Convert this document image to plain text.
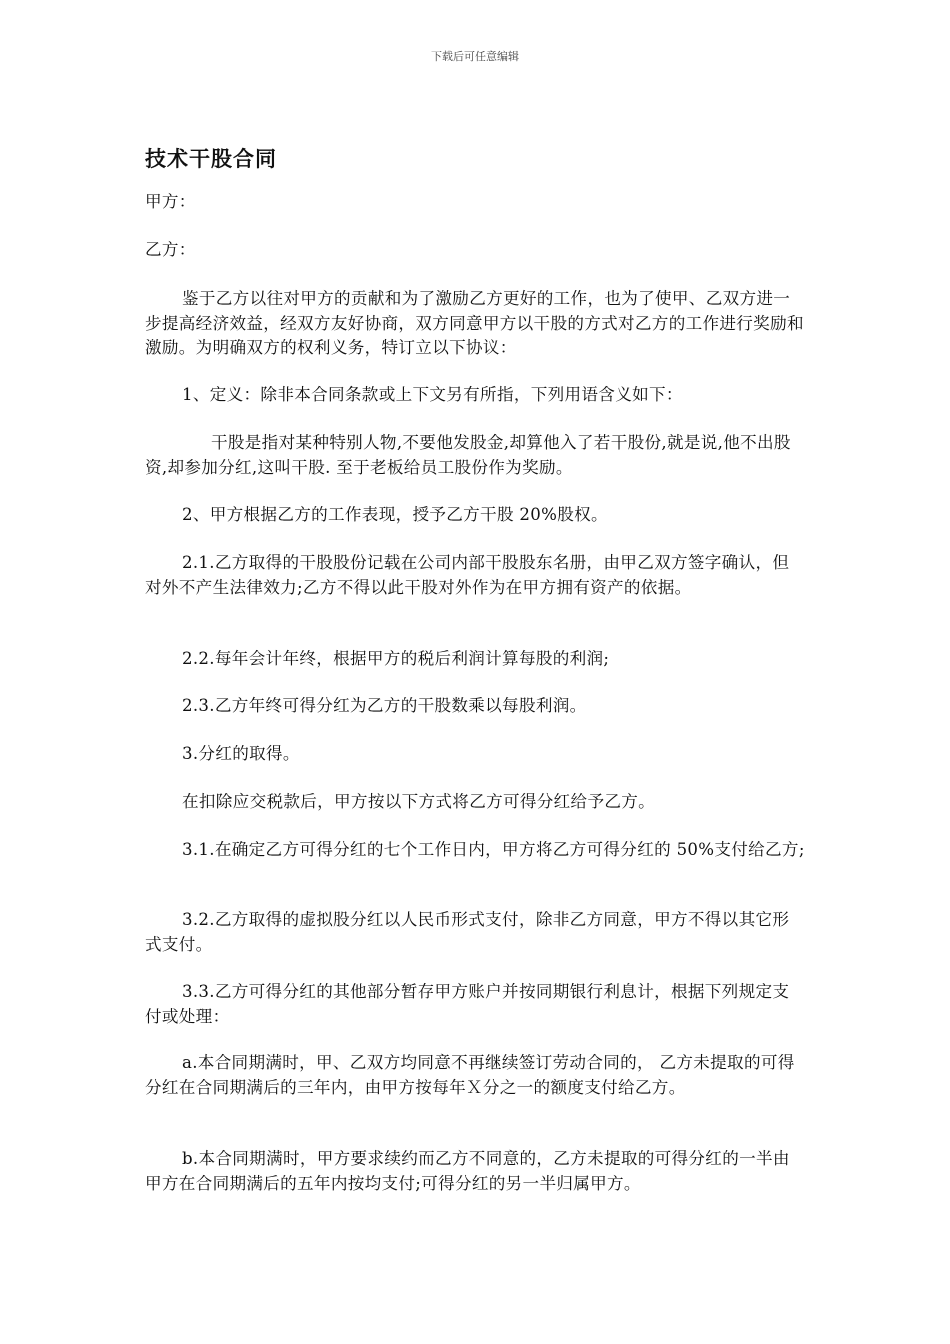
下载后可任意编辑
技术干股合同

甲方：

乙方：

鉴于乙方以往对甲方的贡献和为了激励乙方更好的工作，也为了使甲、乙双方进一步提高经济效益，经双方友好协商，双方同意甲方以干股的方式对乙方的工作进行奖励和激励。为明确双方的权利义务，特订立以下协议：

1、定义：除非本合同条款或上下文另有所指，下列用语含义如下：

干股是指对某种特别人物,不要他发股金,却算他入了若干股份,就是说,他不出股资,却参加分红,这叫干股. 至于老板给员工股份作为奖励。

2、甲方根据乙方的工作表现，授予乙方干股 20%股权。

2.1.乙方取得的干股股份记载在公司内部干股股东名册，由甲乙双方签字确认，但对外不产生法律效力;乙方不得以此干股对外作为在甲方拥有资产的依据。

2.2.每年会计年终，根据甲方的税后利润计算每股的利润;

2.3.乙方年终可得分红为乙方的干股数乘以每股利润。

3.分红的取得。

在扣除应交税款后，甲方按以下方式将乙方可得分红给予乙方。

3.1.在确定乙方可得分红的七个工作日内，甲方将乙方可得分红的 50%支付给乙方;

3.2.乙方取得的虚拟股分红以人民币形式支付，除非乙方同意，甲方不得以其它形式支付。

3.3.乙方可得分红的其他部分暂存甲方账户并按同期银行利息计，根据下列规定支付或处理：

a.本合同期满时，甲、乙双方均同意不再继续签订劳动合同的， 乙方未提取的可得分红在合同期满后的三年内，由甲方按每年Ｘ分之一的额度支付给乙方。

b.本合同期满时，甲方要求续约而乙方不同意的，乙方未提取的可得分红的一半由甲方在合同期满后的五年内按均支付;可得分红的另一半归属甲方。
